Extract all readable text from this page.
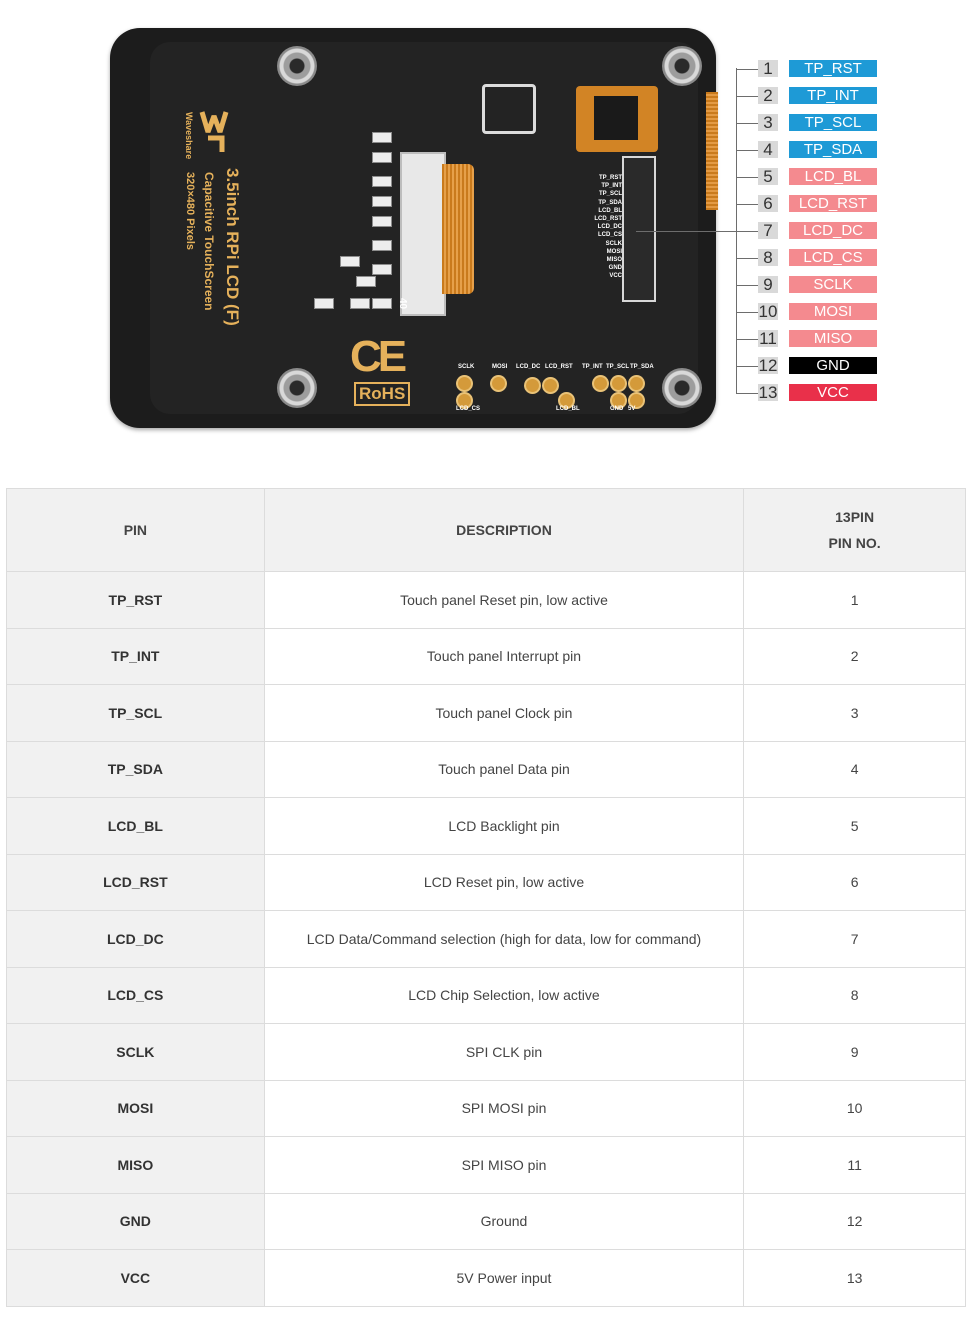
3.5inch RPi LCD (F)
Capacitive TouchScreen
320×480 Pixels
Waveshare
CE
RoHS
40
TP_RST
TP_INT
TP_SCL
TP_SDA
LCD_BL
LCD_RST
LCD_DC
LCD_CS
SCLK
MOSI
MISO
GND
VCC
SCLK	MOSI LCD_DC LCD_RST TP_INT TP_SCL TP_SDA
LCD_CS	LCD_BL	GND 5V
1	TP_RST
2	TP_INT
3	TP_SCL
4	TP_SDA
5	LCD_BL
6	LCD_RST
7	LCD_DC
8	LCD_CS
9	SCLK
10	MOSI
11	MISO
12	GND
13	VCC
PIN	DESCRIPTION	13PIN
PIN NO.

TP_RST	Touch panel Reset pin, low active	1
TP_INT	Touch panel Interrupt pin	2
TP_SCL	Touch panel Clock pin	3
TP_SDA	Touch panel Data pin	4
LCD_BL	LCD Backlight pin	5
LCD_RST	LCD Reset pin, low active	6
LCD_DC	LCD Data/Command selection (high for data, low for command)	7
LCD_CS	LCD Chip Selection, low active	8
SCLK	SPI CLK pin	9
MOSI	SPI MOSI pin	10
MISO	SPI MISO pin	11
GND	Ground	12
VCC	5V Power input	13
